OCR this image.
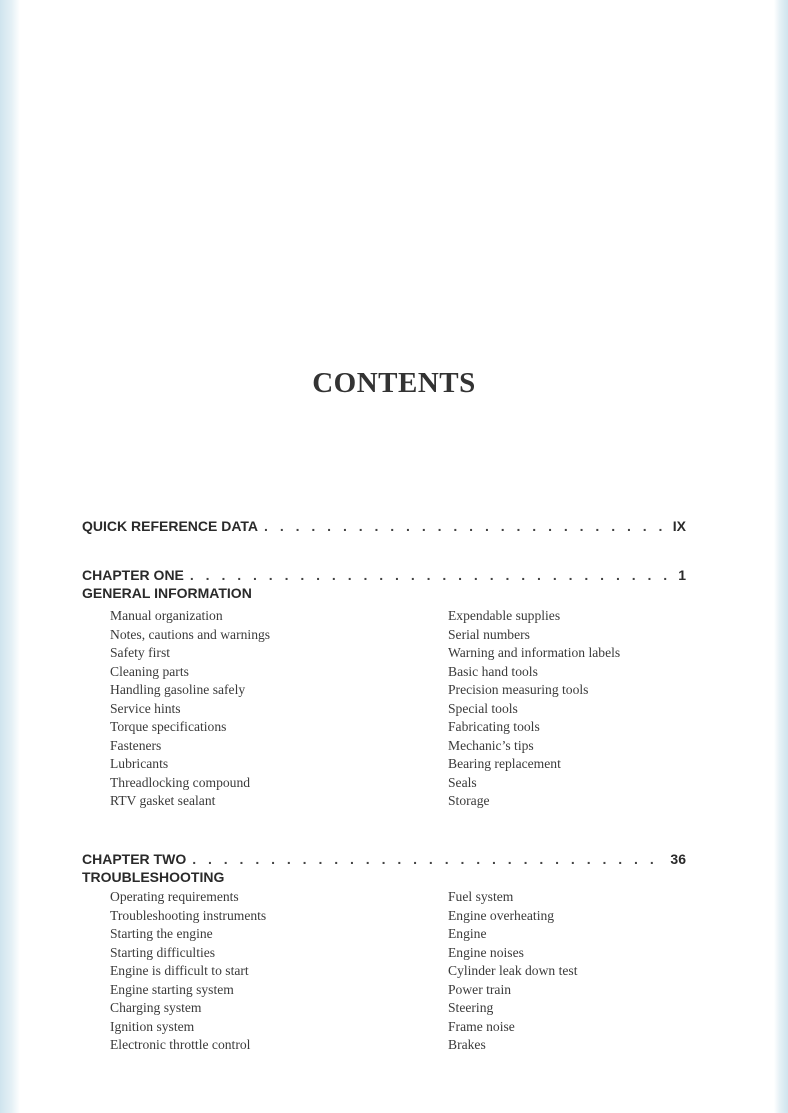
CONTENTS
QUICK REFERENCE DATA . . .	IX
CHAPTER ONE . . .	1
GENERAL INFORMATION
Manual organization
Notes, cautions and warnings
Safety first
Cleaning parts
Handling gasoline safely
Service hints
Torque specifications
Fasteners
Lubricants
Threadlocking compound
RTV gasket sealant
Expendable supplies
Serial numbers
Warning and information labels
Basic hand tools
Precision measuring tools
Special tools
Fabricating tools
Mechanic’s tips
Bearing replacement
Seals
Storage
CHAPTER TWO . . .	36
TROUBLESHOOTING
Operating requirements
Troubleshooting instruments
Starting the engine
Starting difficulties
Engine is difficult to start
Engine starting system
Charging system
Ignition system
Electronic throttle control
Fuel system
Engine overheating
Engine
Engine noises
Cylinder leak down test
Power train
Steering
Frame noise
Brakes
